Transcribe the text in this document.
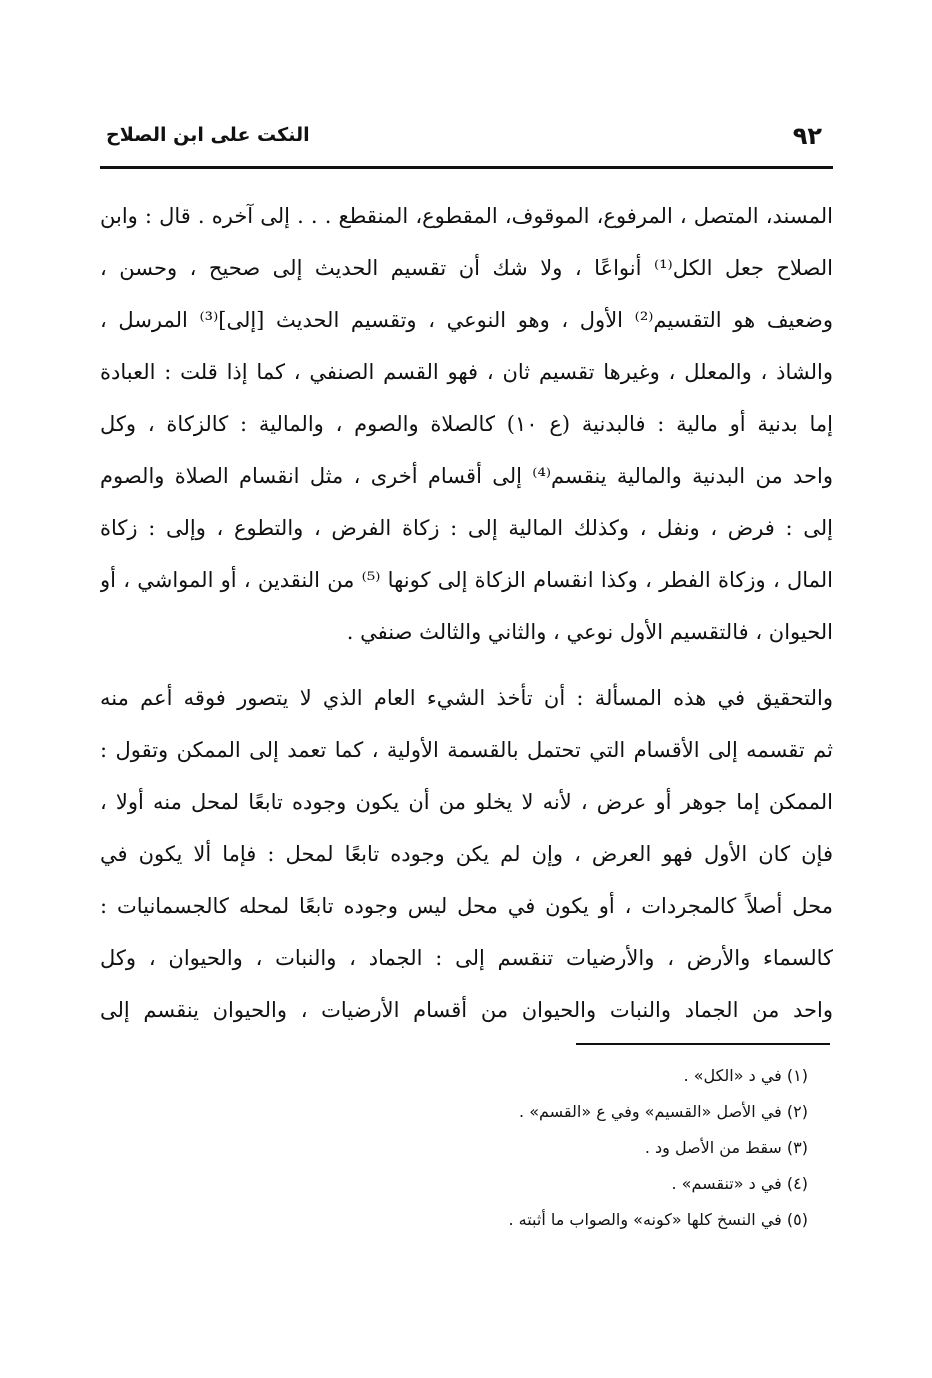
٩٢
النكت على ابن الصلاح
المسند، المتصل ، المرفوع، الموقوف، المقطوع، المنقطع . . . إلى آخره . قال : وابن
الصلاح جعل الكل⁽¹⁾ أنواعًا ، ولا شك أن تقسيم الحديث إلى صحيح ، وحسن ،
وضعيف هو التقسيم⁽²⁾ الأول ، وهو النوعي ، وتقسيم الحديث [إلى]⁽³⁾ المرسل ،
والشاذ ، والمعلل ، وغيرها تقسيم ثان ، فهو القسم الصنفي ، كما إذا قلت : العبادة
إما بدنية أو مالية : فالبدنية (ع ١٠) كالصلاة والصوم ، والمالية : كالزكاة ، وكل
واحد من البدنية والمالية ينقسم⁽⁴⁾ إلى أقسام أخرى ، مثل انقسام الصلاة والصوم
إلى : فرض ، ونفل ، وكذلك المالية إلى : زكاة الفرض ، والتطوع ، وإلى : زكاة
المال ، وزكاة الفطر ، وكذا انقسام الزكاة إلى كونها ⁽⁵⁾ من النقدين ، أو المواشي ، أو
الحيوان ، فالتقسيم الأول نوعي ، والثاني والثالث صنفي .
والتحقيق في هذه المسألة : أن تأخذ الشيء العام الذي لا يتصور فوقه أعم منه
ثم تقسمه إلى الأقسام التي تحتمل بالقسمة الأولية ، كما تعمد إلى الممكن وتقول :
الممكن إما جوهر أو عرض ، لأنه لا يخلو من أن يكون وجوده تابعًا لمحل منه أولا ،
فإن كان الأول فهو العرض ، وإن لم يكن وجوده تابعًا لمحل : فإما ألا يكون في
محل أصلاً كالمجردات ، أو يكون في محل ليس وجوده تابعًا لمحله كالجسمانيات :
كالسماء والأرض ، والأرضيات تنقسم إلى : الجماد ، والنبات ، والحيوان ، وكل
واحد من الجماد والنبات والحيوان من أقسام الأرضيات ، والحيوان ينقسم إلى
(١) في د «الكل» .
(٢) في الأصل «القسيم» وفي ع «القسم» .
(٣) سقط من الأصل ود .
(٤) في د «تنقسم» .
(٥) في النسخ كلها «كونه» والصواب ما أثبته .
